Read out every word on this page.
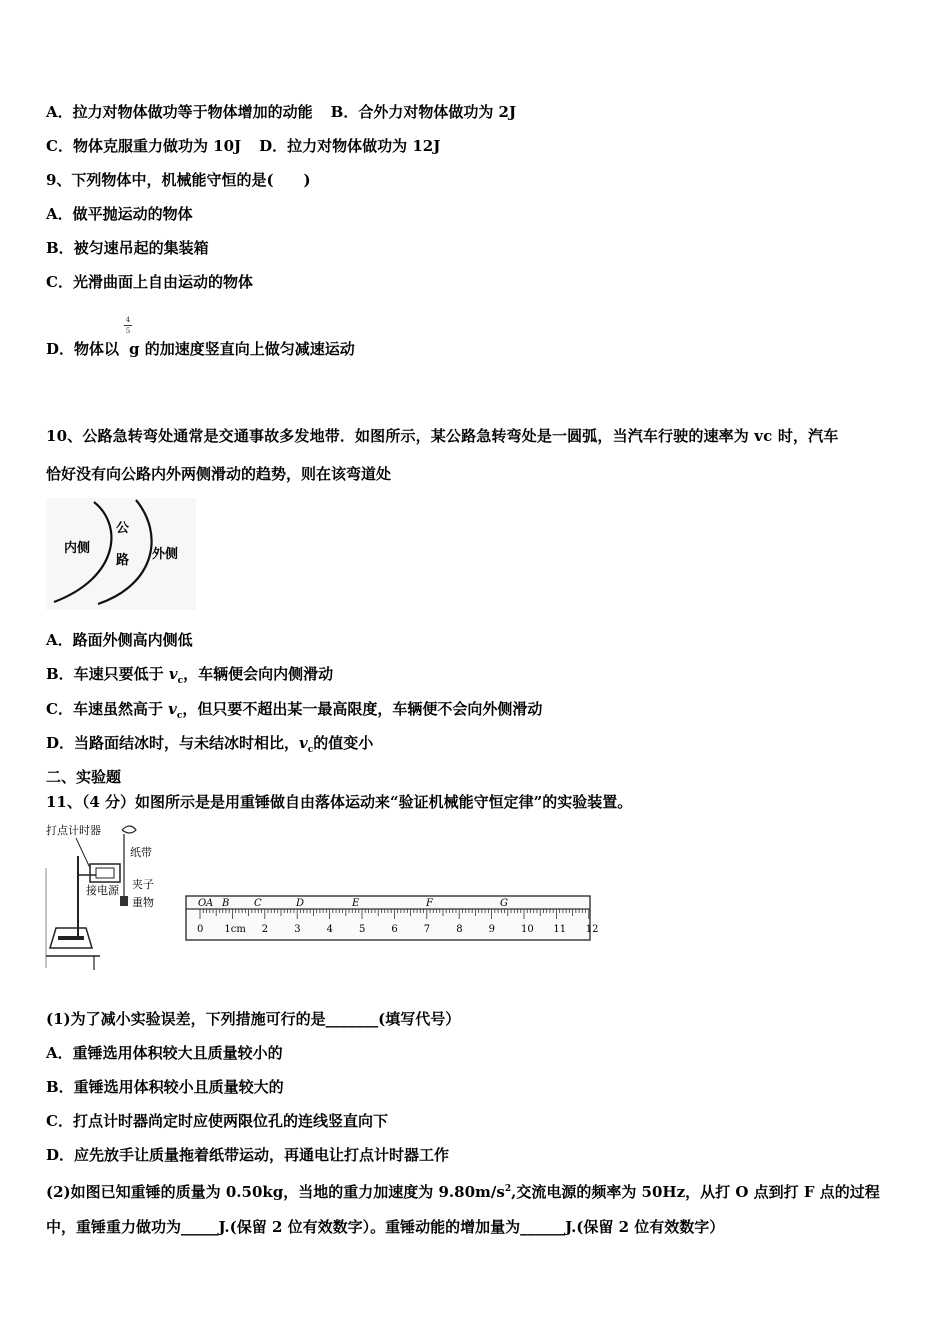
A．拉力对物体做功等于物体增加的动能 B．合外力对物体做功为 2J
C．物体克服重力做功为 10J D．拉力对物体做功为 12J
9、下列物体中，机械能守恒的是(　　)
A．做平抛运动的物体
B．被匀速吊起的集装箱
C．光滑曲面上自由运动的物体
4
5
D．物体以 g 的加速度竖直向上做匀减速运动
10、公路急转弯处通常是交通事故多发地带．如图所示，某公路急转弯处是一圆弧，当汽车行驶的速率为 vc 时，汽车
恰好没有向公路内外两侧滑动的趋势，则在该弯道处
内侧
公
路 外侧
A．路面外侧高内侧低
B．车速只要低于 $v_c$，车辆便会向内侧滑动
C．车速虽然高于 $v_c$，但只要不超出某一最高限度，车辆便不会向外侧滑动
D．当路面结冰时，与未结冰时相比，$v_c$的值变小
二、实验题
11、（4 分）如图所示是是用重锤做自由落体运动来“验证机械能守恒定律”的实验装置。
打点计时器
纸带
接电源 夹子
重物	O A B C	D	E	F	G
0 1cm 2	3	4	5	6	7	8	9	10 11 12
(1)为了减小实验误差，下列措施可行的是_______(填写代号）
A．重锤选用体积较大且质量较小的
B．重锤选用体积较小且质量较大的
C．打点计时器尚定时应使两限位孔的连线竖直向下
D．应先放手让质量拖着纸带运动，再通电让打点计时器工作
(2)如图已知重锤的质量为 0.50kg，当地的重力加速度为 $9.80m/s^2$,交流电源的频率为 50Hz，从打 O 点到打 F 点的过程
中，重锤重力做功为_____J.(保留 2 位有效数字）。重锤动能的增加量为______J.(保留 2 位有效数字）
